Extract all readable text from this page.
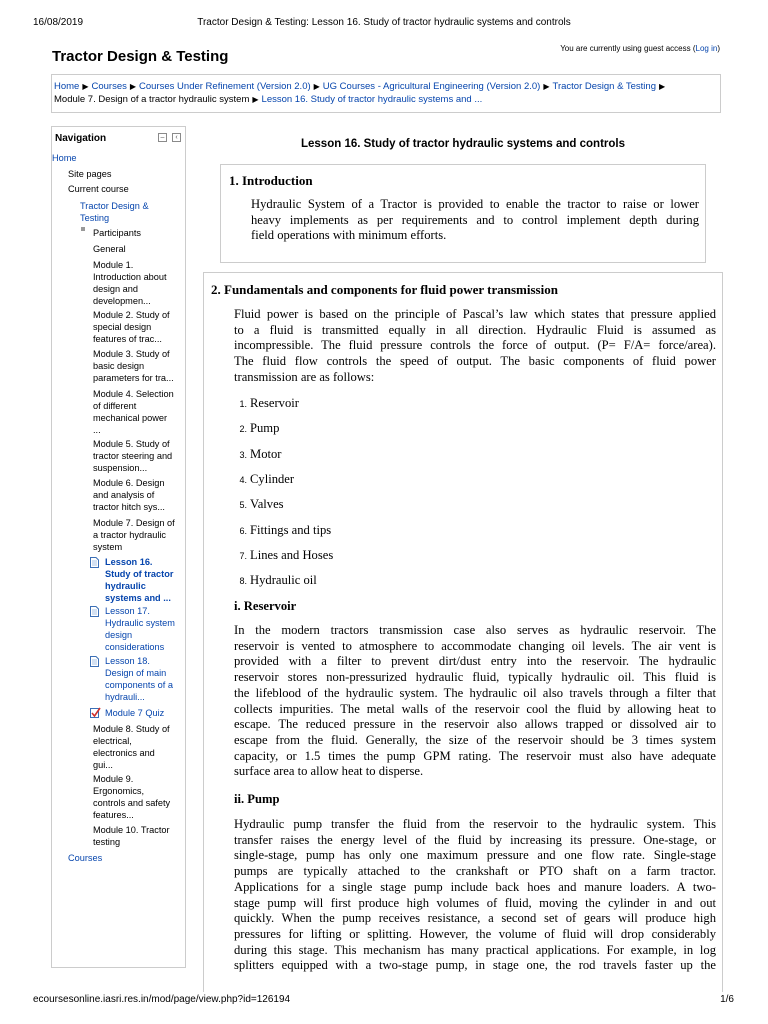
16/08/2019	Tractor Design & Testing: Lesson 16. Study of tractor hydraulic systems and controls
Tractor Design & Testing	You are currently using guest access (Log in)
Home ▶ Courses ▶ Courses Under Refinement (Version 2.0) ▶ UG Courses - Agricultural Engineering (Version 2.0) ▶ Tractor Design & Testing ▶
Module 7. Design of a tractor hydraulic system ▶ Lesson 16. Study of tractor hydraulic systems and ...
Navigation	–	‹
Home
Site pages
Current course
Tractor Design &
Testing
Participants
General
Module 1.
Introduction about
design and
developmen...
Module 2. Study of
special design
features of trac...
Module 3. Study of
basic design
parameters for tra...
Module 4. Selection
of different
mechanical power
...
Module 5. Study of
tractor steering and
suspension...
Module 6. Design
and analysis of
tractor hitch sys...
Module 7. Design of
a tractor hydraulic
system
Lesson 16.
Study of tractor
hydraulic
systems and ...
Lesson 17.
Hydraulic system
design
considerations
Lesson 18.
Design of main
components of a
hydrauli...
Module 7 Quiz
Module 8. Study of
electrical,
electronics and
gui...
Module 9.
Ergonomics,
controls and safety
features...
Module 10. Tractor
testing
Courses
Lesson 16. Study of tractor hydraulic systems and controls
1. Introduction

Hydraulic System of a Tractor is provided to enable the tractor to raise or lower
heavy implements as per requirements and to control implement depth during
field operations with minimum efforts.

2. Fundamentals and components for fluid power transmission

Fluid power is based on the principle of Pascal’s law which states that pressure applied
to a fluid is transmitted equally in all direction. Hydraulic Fluid is assumed as
incompressible. The fluid pressure controls the force of output. (P= F/A= force/area).
The fluid flow controls the speed of output. The basic components of fluid power
transmission are as follows:

1. Reservoir
2. Pump
3. Motor
4. Cylinder
5. Valves
6. Fittings and tips
7. Lines and Hoses
8. Hydraulic oil
i. Reservoir

In the modern tractors transmission case also serves as hydraulic reservoir. The
reservoir is vented to atmosphere to accommodate changing oil levels. The air vent is
provided with a filter to prevent dirt/dust entry into the reservoir. The hydraulic
reservoir stores non-pressurized hydraulic fluid, typically hydraulic oil. This fluid is
the lifeblood of the hydraulic system. The hydraulic oil also travels through a filter that
collects impurities. The metal walls of the reservoir cool the fluid by allowing heat to
escape. The reduced pressure in the reservoir also allows trapped or dissolved air to
escape from the fluid. Generally, the size of the reservoir should be 3 times system
capacity, or 1.5 times the pump GPM rating. The reservoir must also have adequate
surface area to allow heat to disperse.

ii. Pump

Hydraulic pump transfer the fluid from the reservoir to the hydraulic system. This
transfer raises the energy level of the fluid by increasing its pressure. One-stage, or
single-stage, pump has only one maximum pressure and one flow rate. Single-stage
pumps are typically attached to the crankshaft or PTO shaft on a farm tractor.
Applications for a single stage pump include back hoes and manure loaders. A two-
stage pump will first produce high volumes of fluid, moving the cylinder in and out
quickly. When the pump receives resistance, a second set of gears will produce high
pressures for lifting or splitting. However, the volume of fluid will drop considerably
during this stage. This mechanism has many practical applications. For example, in log
splitters equipped with a two-stage pump, in stage one, the rod travels faster up the

ecoursesonline.iasri.res.in/mod/page/view.php?id=126194	1/6
